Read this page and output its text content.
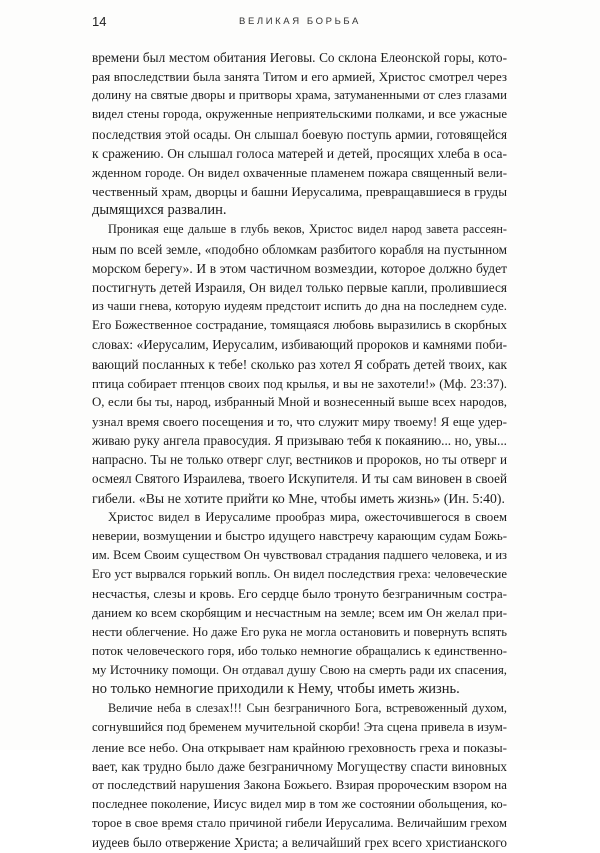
14	ВЕЛИКАЯ БОРЬБА
времени был местом обитания Иеговы. Со склона Елеонской горы, кото-
рая впоследствии была занята Титом и его армией, Христос смотрел через
долину на святые дворы и притворы храма, затуманенными от слез глазами
видел стены города, окруженные неприятельскими полками, и все ужасные
последствия этой осады. Он слышал боевую поступь армии, готовящейся
к сражению. Он слышал голоса матерей и детей, просящих хлеба в оса-
жденном городе. Он видел охваченные пламенем пожара священный вели-
чественный храм, дворцы и башни Иерусалима, превращавшиеся в груды
дымящихся развалин.
Проникая еще дальше в глубь веков, Христос видел народ завета рассеян-
ным по всей земле, «подобно обломкам разбитого корабля на пустынном
морском берегу». И в этом частичном возмездии, которое должно будет
постигнуть детей Израиля, Он видел только первые капли, пролившиеся
из чаши гнева, которую иудеям предстоит испить до дна на последнем суде.
Его Божественное сострадание, томящаяся любовь выразились в скорбных
словах: «Иерусалим, Иерусалим, избивающий пророков и камнями поби-
вающий посланных к тебе! сколько раз хотел Я собрать детей твоих, как
птица собирает птенцов своих под крылья, и вы не захотели!» (Мф. 23:37).
О, если бы ты, народ, избранный Мной и вознесенный выше всех народов,
узнал время своего посещения и то, что служит миру твоему! Я еще удер-
живаю руку ангела правосудия. Я призываю тебя к покаянию... но, увы...
напрасно. Ты не только отверг слуг, вестников и пророков, но ты отверг и
осмеял Святого Израилева, твоего Искупителя. И ты сам виновен в своей
гибели. «Вы не хотите прийти ко Мне, чтобы иметь жизнь» (Ин. 5:40).
Христос видел в Иерусалиме прообраз мира, ожесточившегося в своем
неверии, возмущении и быстро идущего навстречу карающим судам Божь-
им. Всем Своим существом Он чувствовал страдания падшего человека, и из
Его уст вырвался горький вопль. Он видел последствия греха: человеческие
несчастья, слезы и кровь. Его сердце было тронуто безграничным состра-
данием ко всем скорбящим и несчастным на земле; всем им Он желал при-
нести облегчение. Но даже Его рука не могла остановить и повернуть вспять
поток человеческого горя, ибо только немногие обращались к единственно-
му Источнику помощи. Он отдавал душу Свою на смерть ради их спасения,
но только немногие приходили к Нему, чтобы иметь жизнь.
Величие неба в слезах!!! Сын безграничного Бога, встревоженный духом,
согнувшийся под бременем мучительной скорби! Эта сцена привела в изум-
ление все небо. Она открывает нам крайнюю греховность греха и показы-
вает, как трудно было даже безграничному Могуществу спасти виновных
от последствий нарушения Закона Божьего. Взирая пророческим взором на
последнее поколение, Иисус видел мир в том же состоянии обольщения, ко-
торое в свое время стало причиной гибели Иерусалима. Величайшим грехом
иудеев было отвержение Христа; а величайший грех всего христианского
